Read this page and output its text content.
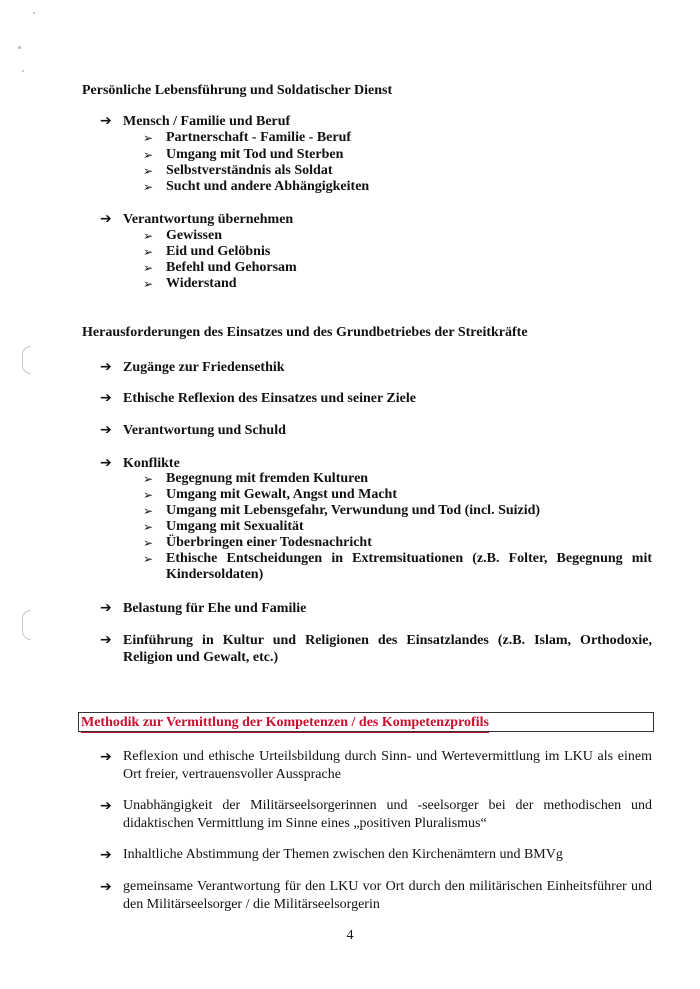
Persönliche Lebensführung und Soldatischer Dienst
➔ Mensch / Familie und Beruf
➢ Partnerschaft - Familie - Beruf
➢ Umgang mit Tod und Sterben
➢ Selbstverständnis als Soldat
➢ Sucht und andere Abhängigkeiten
➔ Verantwortung übernehmen
➢ Gewissen
➢ Eid und Gelöbnis
➢ Befehl und Gehorsam
➢ Widerstand
Herausforderungen des Einsatzes und des Grundbetriebes der Streitkräfte
➔ Zugänge zur Friedensethik
➔ Ethische Reflexion des Einsatzes und seiner Ziele
➔ Verantwortung und Schuld
➔ Konflikte
➢ Begegnung mit fremden Kulturen
➢ Umgang mit Gewalt, Angst und Macht
➢ Umgang mit Lebensgefahr, Verwundung und Tod (incl. Suizid)
➢ Umgang mit Sexualität
➢ Überbringen einer Todesnachricht
➢ Ethische Entscheidungen in Extremsituationen (z.B. Folter, Begegnung mit Kindersoldaten)
➔ Belastung für Ehe und Familie
➔ Einführung in Kultur und Religionen des Einsatzlandes (z.B. Islam, Orthodoxie, Religion und Gewalt, etc.)
Methodik zur Vermittlung der Kompetenzen / des Kompetenzprofils
➔ Reflexion und ethische Urteilsbildung durch Sinn- und Wertevermittlung im LKU als einem Ort freier, vertrauensvoller Aussprache
➔ Unabhängigkeit der Militärseelsorgerinnen und -seelsorger bei der methodischen und didaktischen Vermittlung im Sinne eines „positiven Pluralismus“
➔ Inhaltliche Abstimmung der Themen zwischen den Kirchenämtern und BMVg
➔ gemeinsame Verantwortung für den LKU vor Ort durch den militärischen Einheitsführer und den Militärseelsorger / die Militärseelsorgerin
4
